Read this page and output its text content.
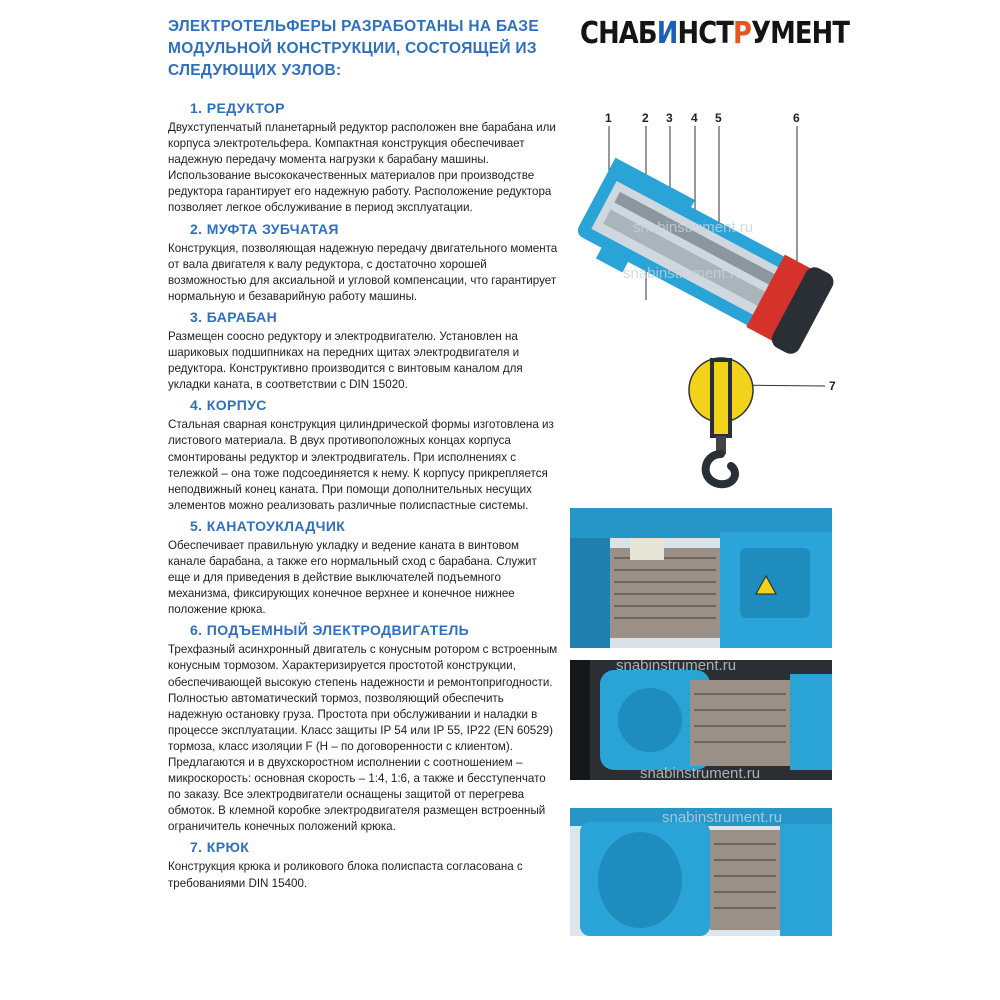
ЭЛЕКТРОТЕЛЬФЕРЫ РАЗРАБОТАНЫ НА БАЗЕ МОДУЛЬНОЙ КОНСТРУКЦИИ, СОСТОЯЩЕЙ ИЗ СЛЕДУЮЩИХ УЗЛОВ:
СНАБИНСТРУМЕНТ
1. РЕДУКТОР

Двухступенчатый планетарный редуктор расположен вне барабана или корпуса электротельфера. Компактная конструкция обеспечивает надежную передачу момента нагрузки к барабану машины. Использование высококачественных материалов при производстве редуктора гарантирует его надежную работу. Расположение редуктора позволяет легкое обслуживание в период эксплуатации.

2. МУФТА ЗУБЧАТАЯ

Конструкция, позволяющая надежную передачу двигательного момента от вала двигателя к валу редуктора, с достаточно хорошей возможностью для аксиальной и угловой компенсации, что гарантирует нормальную и безаварийную работу машины.

3. БАРАБАН

Размещен соосно редуктору и электродвигателю. Установлен на шариковых подшипниках на передних щитах электродвигателя и редуктора. Конструктивно производится с винтовым каналом для укладки каната, в соответствии с DIN 15020.

4. КОРПУС

Стальная сварная конструкция цилиндрической формы изготовлена из листового материала. В двух противоположных концах корпуса смонтированы редуктор и электродвигатель. При исполнениях с тележкой – она тоже подсоединяется к нему. К корпусу прикрепляется неподвижный конец каната. При помощи дополнительных несущих элементов можно реализовать различные полиспастные системы.

5. КАНАТОУКЛАДЧИК

Обеспечивает правильную укладку и ведение каната в винтовом канале барабана, а также его нормальный сход с барабана. Служит еще и для приведения в действие выключателей подъемного механизма, фиксирующих конечное верхнее и конечное нижнее положение крюка.

6. ПОДЪЕМНЫЙ ЭЛЕКТРОДВИГАТЕЛЬ

Трехфазный асинхронный двигатель с конусным ротором с встроенным конусным тормозом. Характеризируется простотой конструкции, обеспечивающей высокую степень надежности и ремонтопригодности. Полностью автоматический тормоз, позволяющий обеспечить надежную остановку груза. Простота при обслуживании и наладки в процессе эксплуатации. Класс защиты IP 54 или IP 55, IP22 (EN 60529) тормоза, класс изоляции F (H – по договоренности с клиентом). Предлагаются и в двухскоростном исполнении с соотношением – микроскорость: основная скорость – 1:4, 1:6, а также и бесступенчато по заказу. Все электродвигатели оснащены защитой от перегрева обмоток. В клемной коробке электродвигателя размещен встроенный ограничитель конечных положений крюка.

7. КРЮК

Конструкция крюка и роликового блока полиспаста согласована с требованиями DIN 15400.

1	2 3 4 5	6
7
snabinstrument.ru
snabinstrument.ru
snabinstrument.ru
snabinstrument.ru
snabinstrument.ru
